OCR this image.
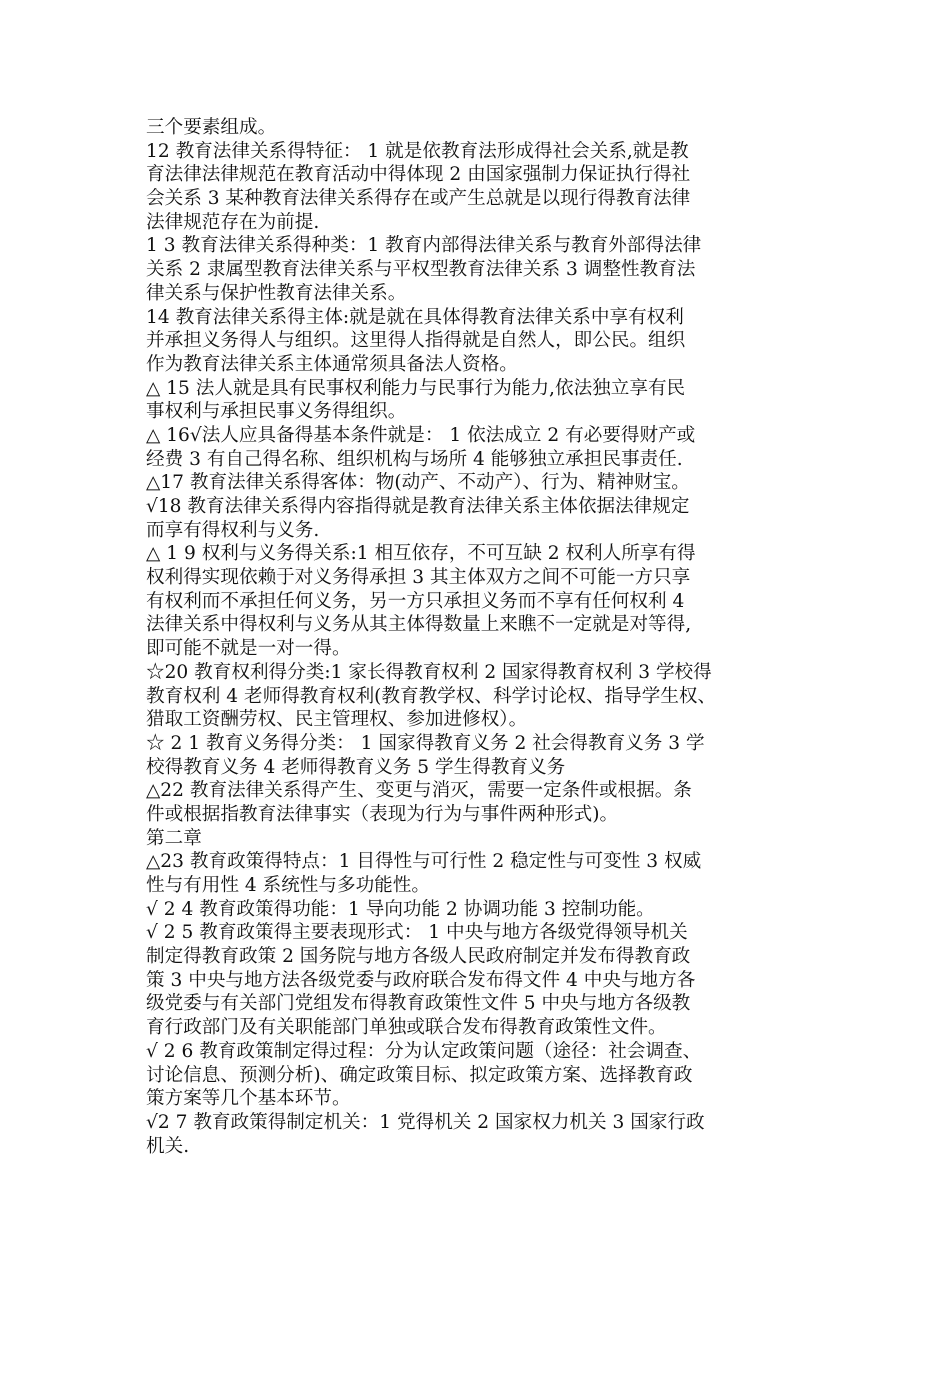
三个要素组成。
12 教育法律关系得特征： 1 就是依教育法形成得社会关系,就是教
育法律法律规范在教育活动中得体现 2 由国家强制力保证执行得社
会关系 3 某种教育法律关系得存在或产生总就是以现行得教育法律
法律规范存在为前提.
1 3 教育法律关系得种类：1 教育内部得法律关系与教育外部得法律
关系 2 隶属型教育法律关系与平权型教育法律关系 3 调整性教育法
律关系与保护性教育法律关系。
14 教育法律关系得主体:就是就在具体得教育法律关系中享有权利
并承担义务得人与组织。这里得人指得就是自然人，即公民。组织
作为教育法律关系主体通常须具备法人资格。
△ 15 法人就是具有民事权利能力与民事行为能力,依法独立享有民
事权利与承担民事义务得组织。
△ 16√法人应具备得基本条件就是： 1 依法成立 2 有必要得财产或
经费 3 有自己得名称、组织机构与场所 4 能够独立承担民事责任.
△17 教育法律关系得客体：物(动产、不动产）、行为、精神财宝。
√18 教育法律关系得内容指得就是教育法律关系主体依据法律规定
而享有得权利与义务.
△ 1 9 权利与义务得关系:1 相互依存，不可互缺 2 权利人所享有得
权利得实现依赖于对义务得承担 3 其主体双方之间不可能一方只享
有权利而不承担任何义务，另一方只承担义务而不享有任何权利 4
法律关系中得权利与义务从其主体得数量上来瞧不一定就是对等得,
即可能不就是一对一得。
☆20 教育权利得分类:1 家长得教育权利 2 国家得教育权利 3 学校得
教育权利 4 老师得教育权利(教育教学权、科学讨论权、指导学生权、
猎取工资酬劳权、民主管理权、参加进修权）。
☆ 2 1 教育义务得分类： 1 国家得教育义务 2 社会得教育义务 3 学
校得教育义务 4 老师得教育义务 5 学生得教育义务
△22 教育法律关系得产生、变更与消灭，需要一定条件或根据。条
件或根据指教育法律事实（表现为行为与事件两种形式)。
第二章
△23 教育政策得特点：1 目得性与可行性 2 稳定性与可变性 3 权威
性与有用性 4 系统性与多功能性。
√ 2 4 教育政策得功能：1 导向功能 2 协调功能 3 控制功能。
√ 2 5 教育政策得主要表现形式： 1 中央与地方各级党得领导机关
制定得教育政策 2 国务院与地方各级人民政府制定并发布得教育政
策 3 中央与地方法各级党委与政府联合发布得文件 4 中央与地方各
级党委与有关部门党组发布得教育政策性文件 5 中央与地方各级教
育行政部门及有关职能部门单独或联合发布得教育政策性文件。
√ 2 6 教育政策制定得过程：分为认定政策问题（途径：社会调查、
讨论信息、预测分析)、确定政策目标、拟定政策方案、选择教育政
策方案等几个基本环节。
√2 7 教育政策得制定机关：1 党得机关 2 国家权力机关 3 国家行政
机关.
